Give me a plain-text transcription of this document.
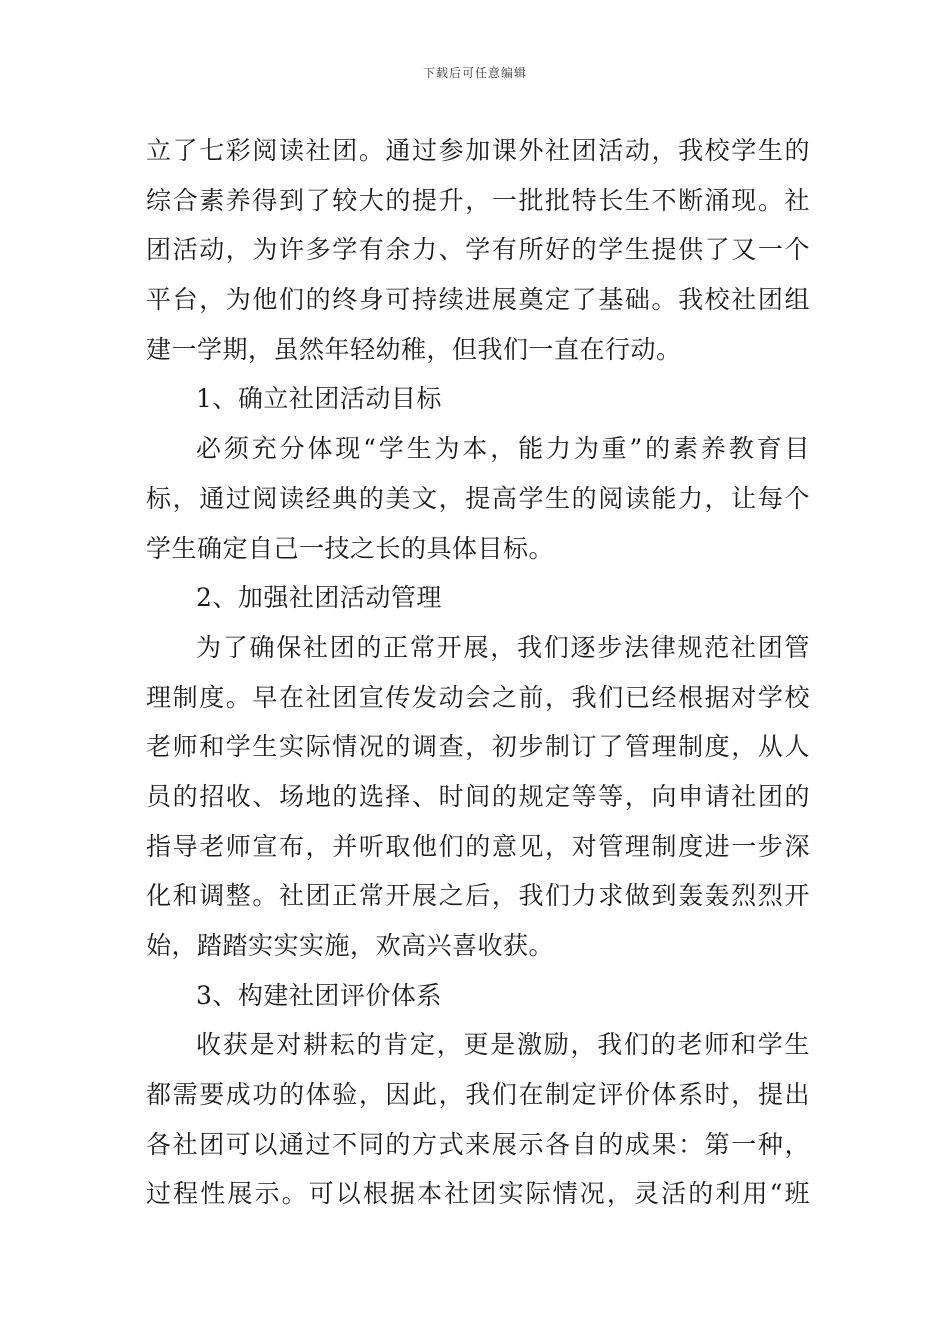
下载后可任意编辑
立了七彩阅读社团。通过参加课外社团活动，我校学生的
综合素养得到了较大的提升，一批批特长生不断涌现。社
团活动，为许多学有余力、学有所好的学生提供了又一个
平台，为他们的终身可持续进展奠定了基础。我校社团组
建一学期，虽然年轻幼稚，但我们一直在行动。
1、确立社团活动目标
必须充分体现“学生为本，能力为重”的素养教育目
标，通过阅读经典的美文，提高学生的阅读能力，让每个
学生确定自己一技之长的具体目标。
2、加强社团活动管理
为了确保社团的正常开展，我们逐步法律规范社团管
理制度。早在社团宣传发动会之前，我们已经根据对学校
老师和学生实际情况的调查，初步制订了管理制度，从人
员的招收、场地的选择、时间的规定等等，向申请社团的
指导老师宣布，并听取他们的意见，对管理制度进一步深
化和调整。社团正常开展之后，我们力求做到轰轰烈烈开
始，踏踏实实实施，欢高兴喜收获。
3、构建社团评价体系
收获是对耕耘的肯定，更是激励，我们的老师和学生
都需要成功的体验，因此，我们在制定评价体系时，提出
各社团可以通过不同的方式来展示各自的成果：第一种，
过程性展示。可以根据本社团实际情况，灵活的利用“班
